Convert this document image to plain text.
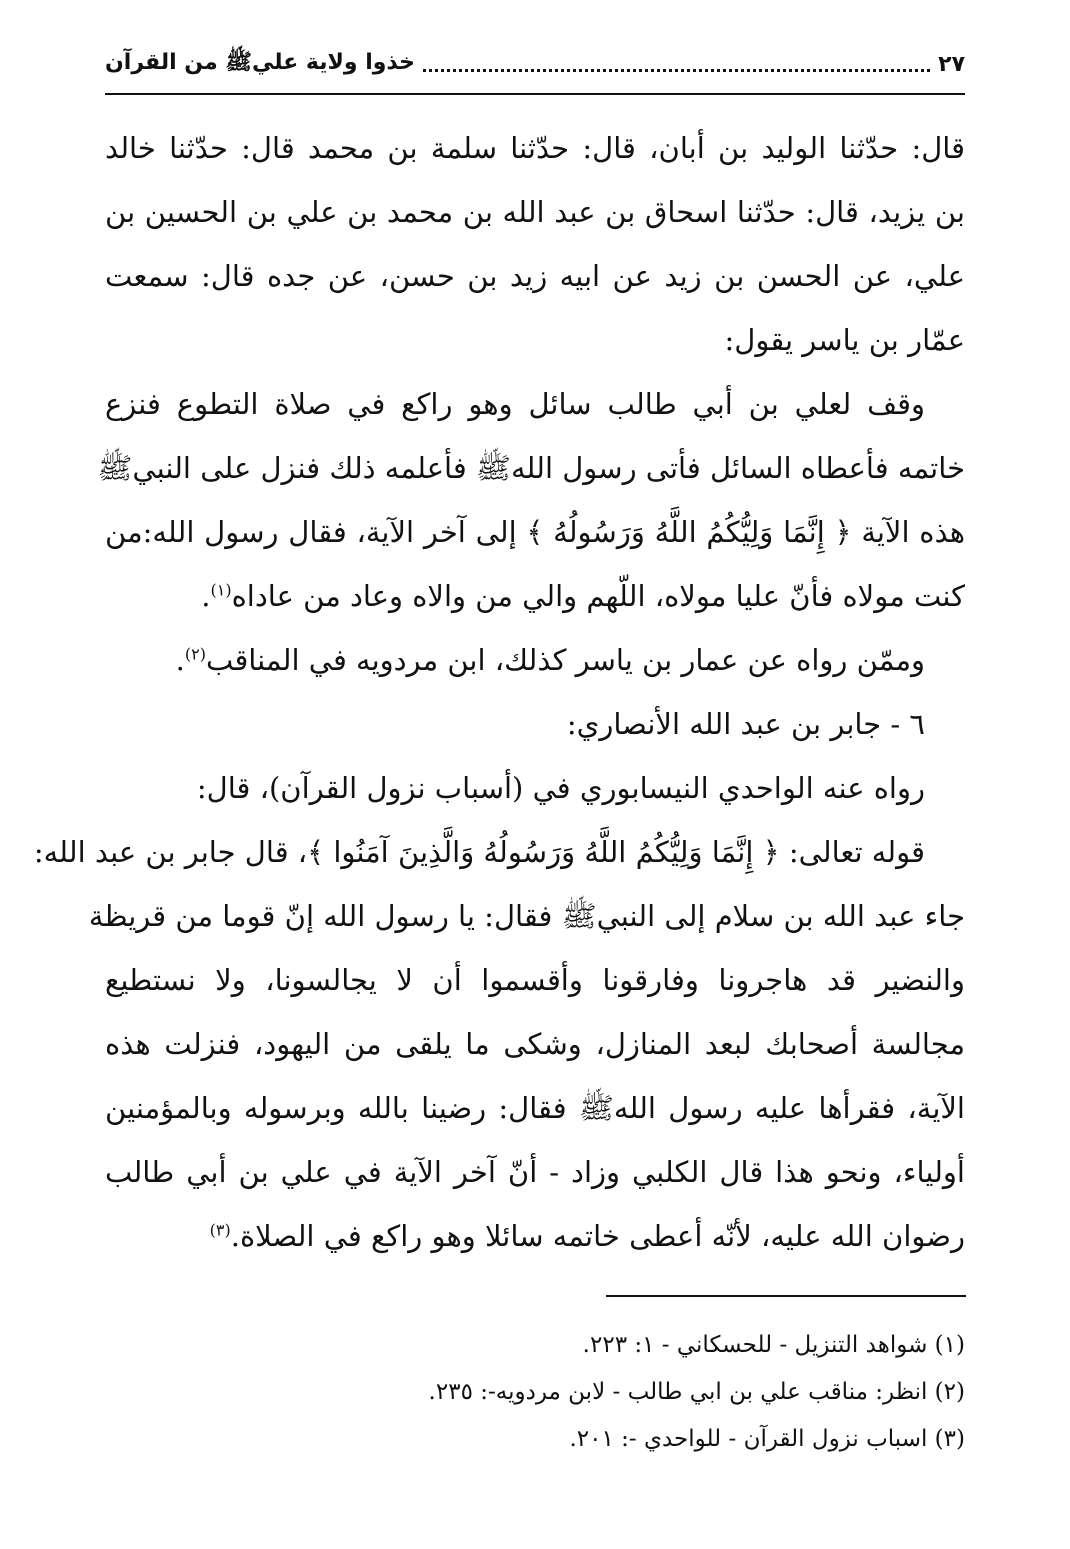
٢٧
خذوا ولاية عليﷺ من القرآن
قال: حدّثنا الوليد بن أبان، قال: حدّثنا سلمة بن محمد قال: حدّثنا خالد
بن يزيد، قال: حدّثنا اسحاق بن عبد الله بن محمد بن علي بن الحسين بن
علي، عن الحسن بن زيد عن ابيه زيد بن حسن، عن جده قال: سمعت
عمّار بن ياسر يقول:
وقف لعلي بن أبي طالب سائل وهو راكع في صلاة التطوع فنزع
خاتمه فأعطاه السائل فأتى رسول اللهﷺ فأعلمه ذلك فنزل على النبيﷺ
هذه الآية ﴿ إِنَّمَا وَلِيُّكُمُ اللَّهُ وَرَسُولُهُ ﴾ إلى آخر الآية، فقال رسول الله:من
كنت مولاه فأنّ عليا مولاه، اللّهم والي من والاه وعاد من عاداه$^{(١)}$.
وممّن رواه عن عمار بن ياسر كذلك، ابن مردويه في المناقب$^{(٢)}$.
٦ - جابر بن عبد الله الأنصاري:
رواه عنه الواحدي النيسابوري في (أسباب نزول القرآن)، قال:
قوله تعالى: ﴿ إِنَّمَا وَلِيُّكُمُ اللَّهُ وَرَسُولُهُ وَالَّذِينَ آمَنُوا ﴾، قال جابر بن عبد الله:
جاء عبد الله بن سلام إلى النبيﷺ فقال: يا رسول الله إنّ قوما من قريظة
والنضير قد هاجرونا وفارقونا وأقسموا أن لا يجالسونا، ولا نستطيع
مجالسة أصحابك لبعد المنازل، وشكى ما يلقى من اليهود، فنزلت هذه
الآية، فقرأها عليه رسول اللهﷺ فقال: رضينا بالله وبرسوله وبالمؤمنين
أولياء، ونحو هذا قال الكلبي وزاد - أنّ آخر الآية في علي بن أبي طالب
رضوان الله عليه، لأنّه أعطى خاتمه سائلا وهو راكع في الصلاة.$^{(٣)}$
(١) شواهد التنزيل - للحسكاني - ١: ٢٢٣.
(٢) انظر: مناقب علي بن ابي طالب - لابن مردويه-: ٢٣٥.
(٣) اسباب نزول القرآن - للواحدي -: ٢٠١.
